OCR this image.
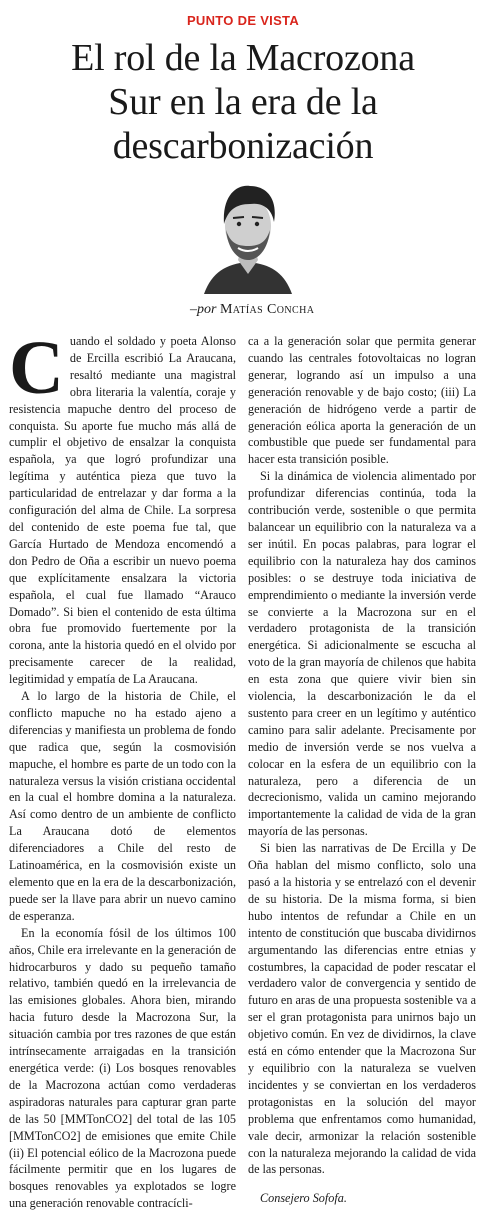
PUNTO DE VISTA
El rol de la Macrozona
Sur en la era de la
descarbonización
–por Matías Concha

Cuando el soldado y poeta Alonso de Ercilla escribió La Araucana, resaltó mediante una magistral obra literaria la valentía, coraje y resistencia mapuche dentro del proceso de conquista. Su aporte fue mucho más allá de cumplir el objetivo de ensalzar la conquista española, ya que logró profundizar una legítima y auténtica pieza que tuvo la particularidad de entrelazar y dar forma a la configuración del alma de Chile. La sorpresa del contenido de este poema fue tal, que García Hurtado de Mendoza encomendó a don Pedro de Oña a escribir un nuevo poema que explícitamente ensalzara la victoria española, el cual fue llamado “Arauco Domado”. Si bien el contenido de esta última obra fue promovido fuertemente por la corona, ante la historia quedó en el olvido por precisamente carecer de la realidad, legitimidad y empatía de La Araucana.

A lo largo de la historia de Chile, el conflicto mapuche no ha estado ajeno a diferencias y manifiesta un problema de fondo que radica que, según la cosmovisión mapuche, el hombre es parte de un todo con la naturaleza versus la visión cristiana occidental en la cual el hombre domina a la naturaleza. Así como dentro de un ambiente de conflicto La Araucana dotó de elementos diferenciadores a Chile del resto de Latinoamérica, en la cosmovisión existe un elemento que en la era de la descarbonización, puede ser la llave para abrir un nuevo camino de esperanza.

En la economía fósil de los últimos 100 años, Chile era irrelevante en la generación de hidrocarburos y dado su pequeño tamaño relativo, también quedó en la irrelevancia de las emisiones globales. Ahora bien, mirando hacia futuro desde la Macrozona Sur, la situación cambia por tres razones de que están intrínsecamente arraigadas en la transición energética verde: (i) Los bosques renovables de la Macrozona actúan como verdaderas aspiradoras naturales para capturar gran parte de las 50 [MMTonCO2] del total de las 105 [MMTonCO2] de emisiones que emite Chile (ii) El potencial eólico de la Macrozona puede fácilmente permitir que en los lugares de bosques renovables ya explotados se logre una generación renovable contracícli-

ca a la generación solar que permita generar cuando las centrales fotovoltaicas no logran generar, logrando así un impulso a una generación renovable y de bajo costo; (iii) La generación de hidrógeno verde a partir de generación eólica aporta la generación de un combustible que puede ser fundamental para hacer esta transición posible.

Si la dinámica de violencia alimentado por profundizar diferencias continúa, toda la contribución verde, sostenible o que permita balancear un equilibrio con la naturaleza va a ser inútil. En pocas palabras, para lograr el equilibrio con la naturaleza hay dos caminos posibles: o se destruye toda iniciativa de emprendimiento o mediante la inversión verde se convierte a la Macrozona sur en el verdadero protagonista de la transición energética. Si adicionalmente se escucha al voto de la gran mayoría de chilenos que habita en esta zona que quiere vivir bien sin violencia, la descarbonización le da el sustento para creer en un legítimo y auténtico camino para salir adelante. Precisamente por medio de inversión verde se nos vuelva a colocar en la esfera de un equilibrio con la naturaleza, pero a diferencia de un decrecionismo, valida un camino mejorando importantemente la calidad de vida de la gran mayoría de las personas.

Si bien las narrativas de De Ercilla y De Oña hablan del mismo conflicto, solo una pasó a la historia y se entrelazó con el devenir de su historia. De la misma forma, si bien hubo intentos de refundar a Chile en un intento de constitución que buscaba dividirnos argumentando las diferencias entre etnias y costumbres, la capacidad de poder rescatar el verdadero valor de convergencia y sentido de futuro en aras de una propuesta sostenible va a ser el gran protagonista para unirnos bajo un objetivo común. En vez de dividirnos, la clave está en cómo entender que la Macrozona Sur y equilibrio con la naturaleza se vuelven incidentes y se conviertan en los verdaderos protagonistas en la solución del mayor problema que enfrentamos como humanidad, vale decir, armonizar la relación sostenible con la naturaleza mejorando la calidad de vida de las personas.

Consejero Sofofa.
